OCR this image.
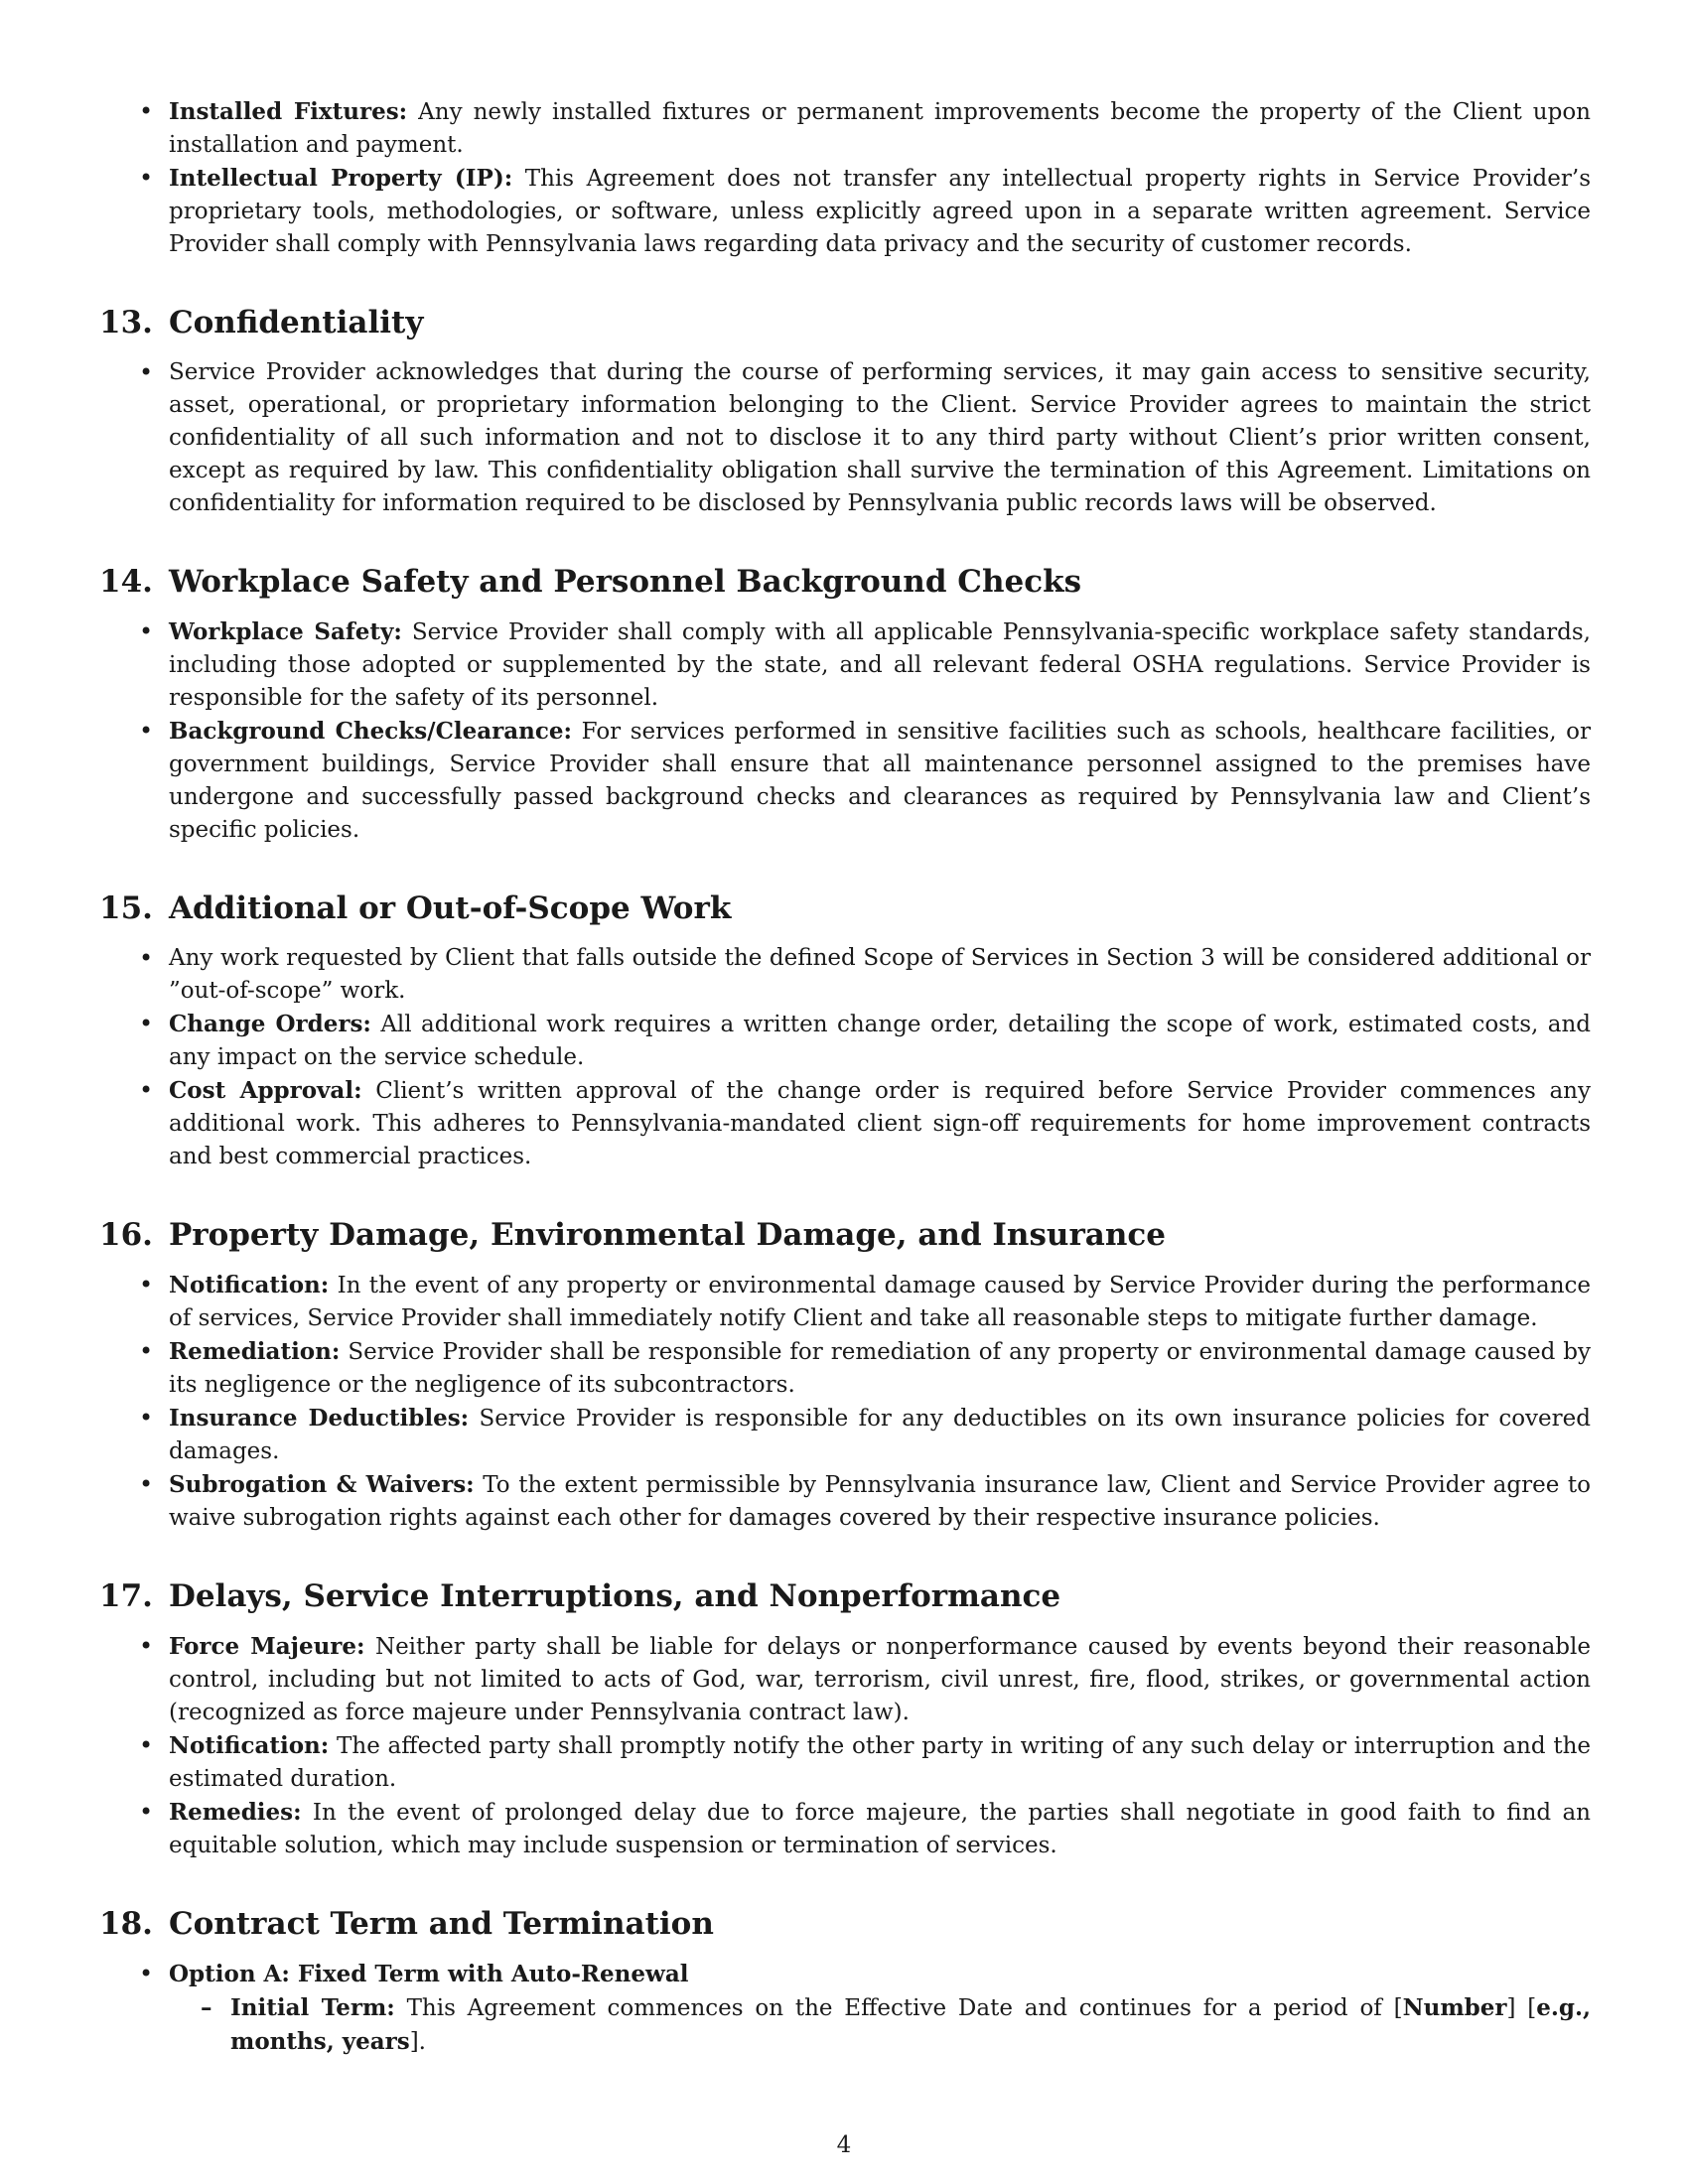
• Installed Fixtures: Any newly installed fixtures or permanent improvements become the property of the Client upon installation and payment.
• Intellectual Property (IP): This Agreement does not transfer any intellectual property rights in Service Provider’s proprietary tools, methodologies, or software, unless explicitly agreed upon in a separate written agreement. Service Provider shall comply with Pennsylvania laws regarding data privacy and the security of customer records.
13. Confidentiality
• Service Provider acknowledges that during the course of performing services, it may gain access to sensitive security, asset, operational, or proprietary information belonging to the Client. Service Provider agrees to maintain the strict confidentiality of all such information and not to disclose it to any third party without Client’s prior written consent, except as required by law. This confidentiality obligation shall survive the termination of this Agreement. Limitations on confidentiality for information required to be disclosed by Pennsylvania public records laws will be observed.
14. Workplace Safety and Personnel Background Checks
• Workplace Safety: Service Provider shall comply with all applicable Pennsylvania-specific workplace safety standards, including those adopted or supplemented by the state, and all relevant federal OSHA regulations. Service Provider is responsible for the safety of its personnel.
• Background Checks/Clearance: For services performed in sensitive facilities such as schools, healthcare facilities, or government buildings, Service Provider shall ensure that all maintenance personnel assigned to the premises have undergone and successfully passed background checks and clearances as required by Pennsylvania law and Client’s specific policies.
15. Additional or Out-of-Scope Work
• Any work requested by Client that falls outside the defined Scope of Services in Section 3 will be considered additional or ”out-of-scope” work.
• Change Orders: All additional work requires a written change order, detailing the scope of work, estimated costs, and any impact on the service schedule.
• Cost Approval: Client’s written approval of the change order is required before Service Provider commences any additional work. This adheres to Pennsylvania-mandated client sign-off requirements for home improvement contracts and best commercial practices.
16. Property Damage, Environmental Damage, and Insurance
• Notification: In the event of any property or environmental damage caused by Service Provider during the performance of services, Service Provider shall immediately notify Client and take all reasonable steps to mitigate further damage.
• Remediation: Service Provider shall be responsible for remediation of any property or environmental damage caused by its negligence or the negligence of its subcontractors.
• Insurance Deductibles: Service Provider is responsible for any deductibles on its own insurance policies for covered damages.
• Subrogation & Waivers: To the extent permissible by Pennsylvania insurance law, Client and Service Provider agree to waive subrogation rights against each other for damages covered by their respective insurance policies.
17. Delays, Service Interruptions, and Nonperformance
• Force Majeure: Neither party shall be liable for delays or nonperformance caused by events beyond their reasonable control, including but not limited to acts of God, war, terrorism, civil unrest, fire, flood, strikes, or governmental action (recognized as force majeure under Pennsylvania contract law).
• Notification: The affected party shall promptly notify the other party in writing of any such delay or interruption and the estimated duration.
• Remedies: In the event of prolonged delay due to force majeure, the parties shall negotiate in good faith to find an equitable solution, which may include suspension or termination of services.
18. Contract Term and Termination
• Option A: Fixed Term with Auto-Renewal
– Initial Term: This Agreement commences on the Effective Date and continues for a period of [Number] [e.g., months, years].
4
